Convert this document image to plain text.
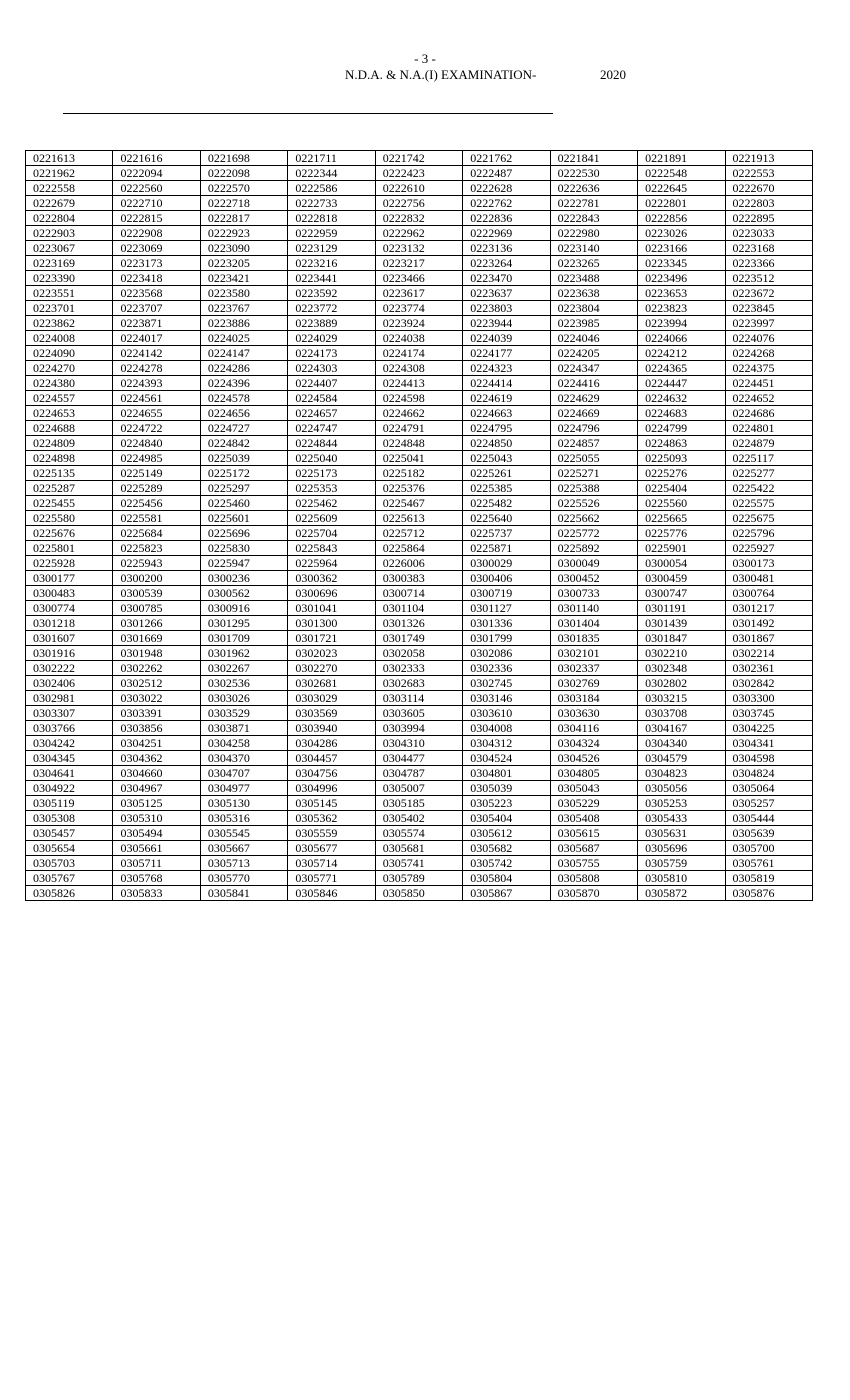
- 3 -
N.D.A. & N.A.(I) EXAMINATION-	2020
0221613	0221616	0221698	0221711	0221742	0221762	0221841	0221891	0221913
0221962	0222094	0222098	0222344	0222423	0222487	0222530	0222548	0222553
0222558	0222560	0222570	0222586	0222610	0222628	0222636	0222645	0222670
0222679	0222710	0222718	0222733	0222756	0222762	0222781	0222801	0222803
0222804	0222815	0222817	0222818	0222832	0222836	0222843	0222856	0222895
0222903	0222908	0222923	0222959	0222962	0222969	0222980	0223026	0223033
0223067	0223069	0223090	0223129	0223132	0223136	0223140	0223166	0223168
0223169	0223173	0223205	0223216	0223217	0223264	0223265	0223345	0223366
0223390	0223418	0223421	0223441	0223466	0223470	0223488	0223496	0223512
0223551	0223568	0223580	0223592	0223617	0223637	0223638	0223653	0223672
0223701	0223707	0223767	0223772	0223774	0223803	0223804	0223823	0223845
0223862	0223871	0223886	0223889	0223924	0223944	0223985	0223994	0223997
0224008	0224017	0224025	0224029	0224038	0224039	0224046	0224066	0224076
0224090	0224142	0224147	0224173	0224174	0224177	0224205	0224212	0224268
0224270	0224278	0224286	0224303	0224308	0224323	0224347	0224365	0224375
0224380	0224393	0224396	0224407	0224413	0224414	0224416	0224447	0224451
0224557	0224561	0224578	0224584	0224598	0224619	0224629	0224632	0224652
0224653	0224655	0224656	0224657	0224662	0224663	0224669	0224683	0224686
0224688	0224722	0224727	0224747	0224791	0224795	0224796	0224799	0224801
0224809	0224840	0224842	0224844	0224848	0224850	0224857	0224863	0224879
0224898	0224985	0225039	0225040	0225041	0225043	0225055	0225093	0225117
0225135	0225149	0225172	0225173	0225182	0225261	0225271	0225276	0225277
0225287	0225289	0225297	0225353	0225376	0225385	0225388	0225404	0225422
0225455	0225456	0225460	0225462	0225467	0225482	0225526	0225560	0225575
0225580	0225581	0225601	0225609	0225613	0225640	0225662	0225665	0225675
0225676	0225684	0225696	0225704	0225712	0225737	0225772	0225776	0225796
0225801	0225823	0225830	0225843	0225864	0225871	0225892	0225901	0225927
0225928	0225943	0225947	0225964	0226006	0300029	0300049	0300054	0300173
0300177	0300200	0300236	0300362	0300383	0300406	0300452	0300459	0300481
0300483	0300539	0300562	0300696	0300714	0300719	0300733	0300747	0300764
0300774	0300785	0300916	0301041	0301104	0301127	0301140	0301191	0301217
0301218	0301266	0301295	0301300	0301326	0301336	0301404	0301439	0301492
0301607	0301669	0301709	0301721	0301749	0301799	0301835	0301847	0301867
0301916	0301948	0301962	0302023	0302058	0302086	0302101	0302210	0302214
0302222	0302262	0302267	0302270	0302333	0302336	0302337	0302348	0302361
0302406	0302512	0302536	0302681	0302683	0302745	0302769	0302802	0302842
0302981	0303022	0303026	0303029	0303114	0303146	0303184	0303215	0303300
0303307	0303391	0303529	0303569	0303605	0303610	0303630	0303708	0303745
0303766	0303856	0303871	0303940	0303994	0304008	0304116	0304167	0304225
0304242	0304251	0304258	0304286	0304310	0304312	0304324	0304340	0304341
0304345	0304362	0304370	0304457	0304477	0304524	0304526	0304579	0304598
0304641	0304660	0304707	0304756	0304787	0304801	0304805	0304823	0304824
0304922	0304967	0304977	0304996	0305007	0305039	0305043	0305056	0305064
0305119	0305125	0305130	0305145	0305185	0305223	0305229	0305253	0305257
0305308	0305310	0305316	0305362	0305402	0305404	0305408	0305433	0305444
0305457	0305494	0305545	0305559	0305574	0305612	0305615	0305631	0305639
0305654	0305661	0305667	0305677	0305681	0305682	0305687	0305696	0305700
0305703	0305711	0305713	0305714	0305741	0305742	0305755	0305759	0305761
0305767	0305768	0305770	0305771	0305789	0305804	0305808	0305810	0305819
0305826	0305833	0305841	0305846	0305850	0305867	0305870	0305872	0305876
